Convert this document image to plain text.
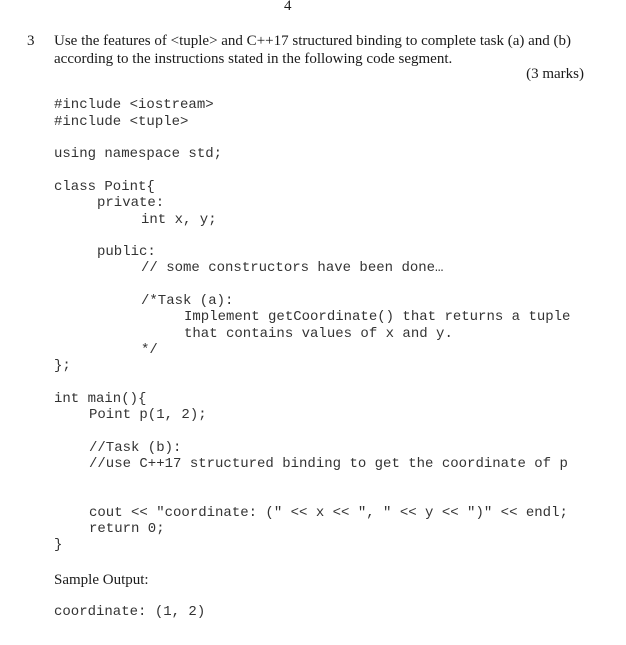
4
3 Use the features of <tuple> and C++17 structured binding to complete task (a) and (b)

according to the instructions stated in the following code segment.

(3 marks)
#include <iostream>
#include <tuple>
using namespace std;
class Point{
private:
int x, y;
public:
// some constructors have been done…
/*Task (a):
Implement getCoordinate() that returns a tuple
that contains values of x and y.
*/
};
int main(){
Point p(1, 2);
//Task (b):
//use C++17 structured binding to get the coordinate of p
cout << "coordinate: (" << x << ", " << y << ")" << endl;
return 0;
}
Sample Output:
coordinate: (1, 2)
